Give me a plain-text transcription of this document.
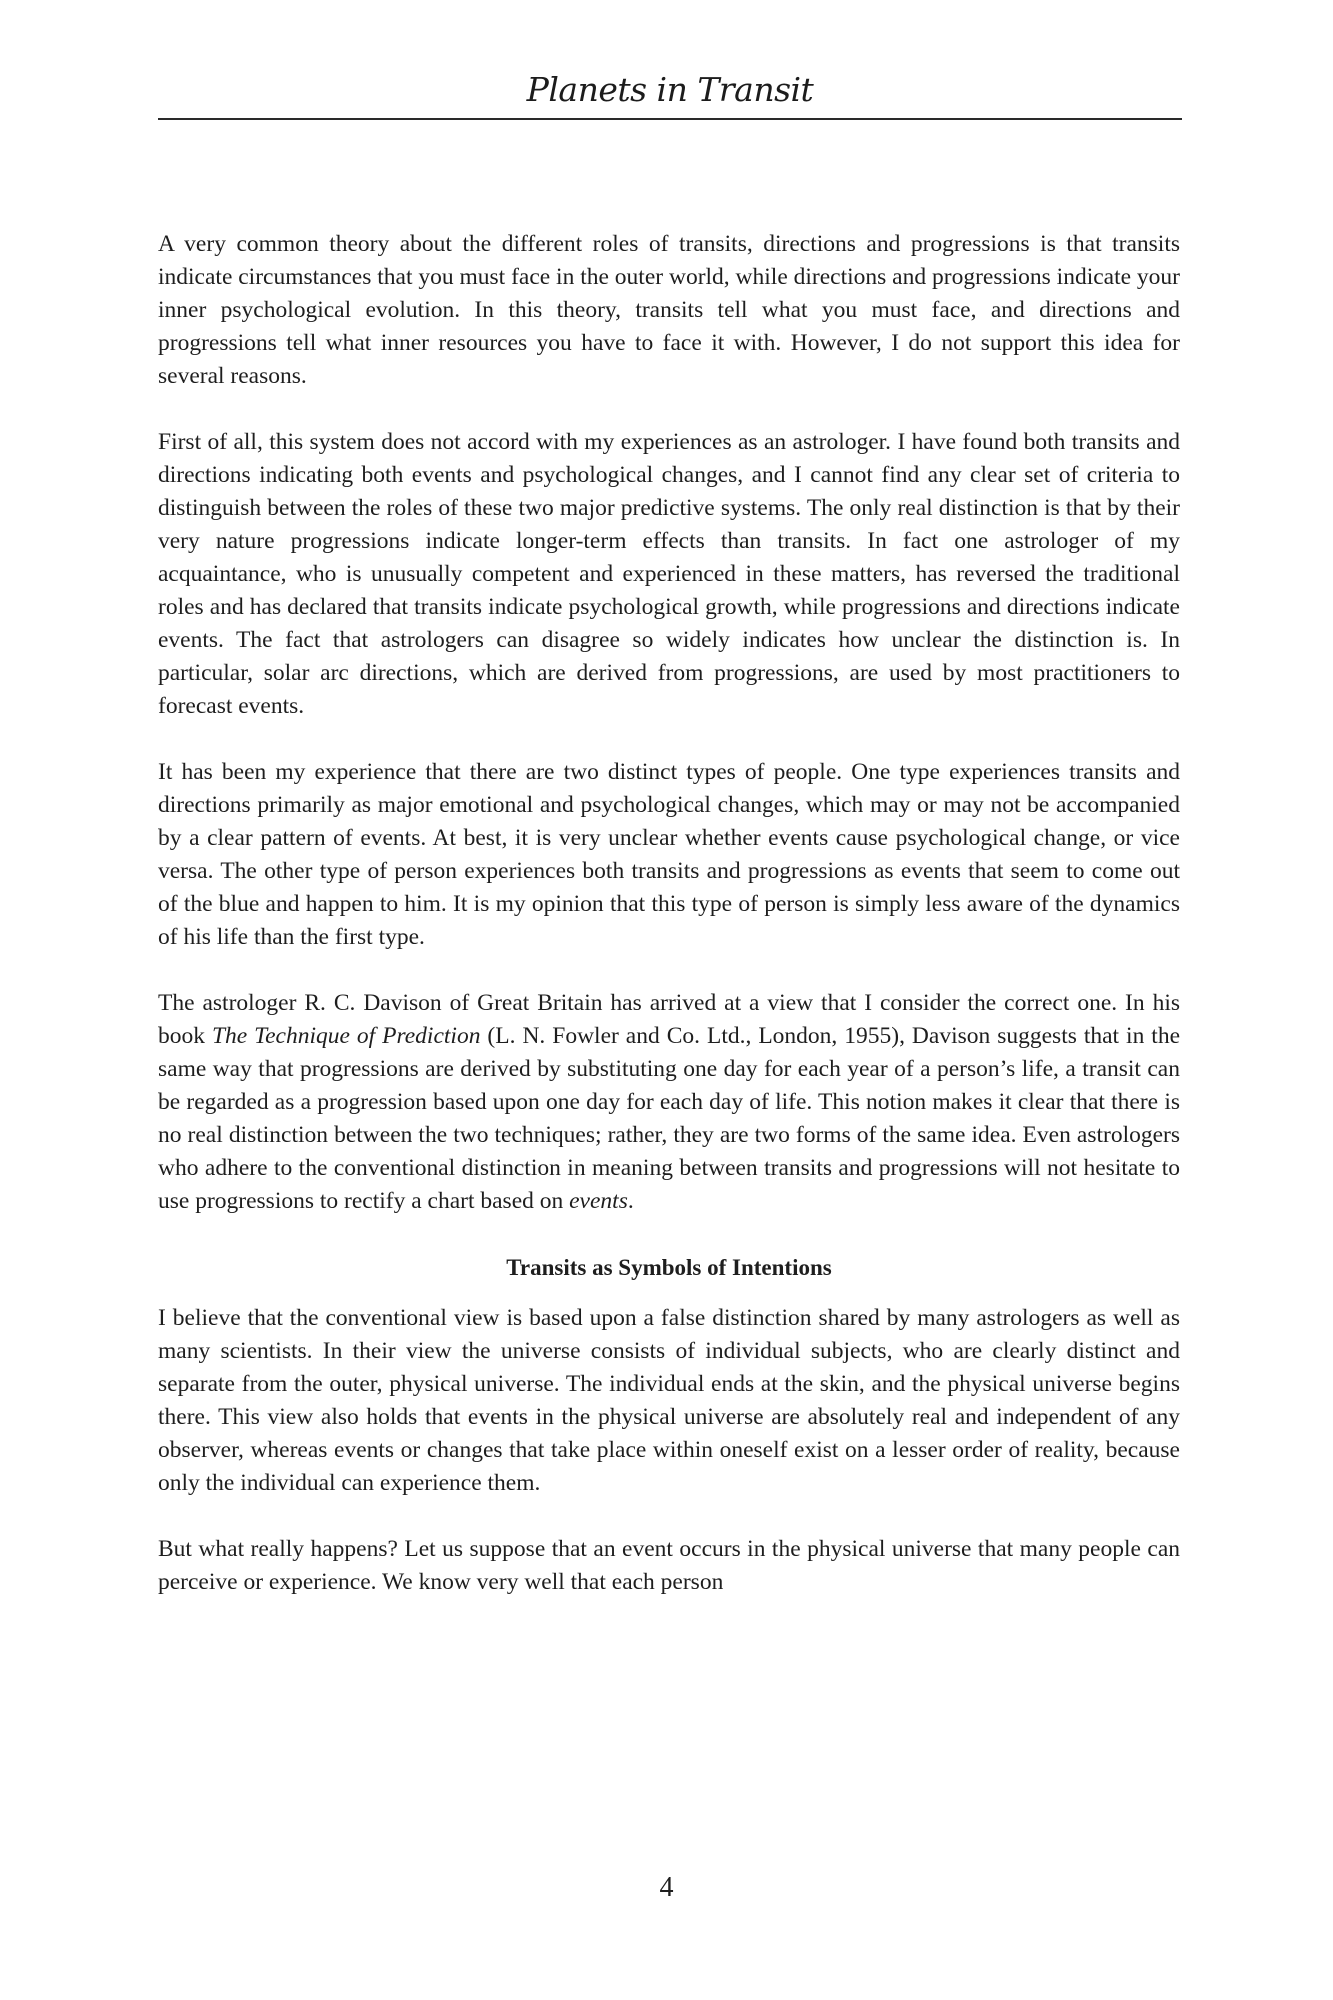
Planets in Transit

A very common theory about the different roles of transits, directions and progressions is that transits indicate circumstances that you must face in the outer world, while directions and progressions indicate your inner psychological evolution. In this theory, transits tell what you must face, and directions and progressions tell what inner resources you have to face it with. However, I do not support this idea for several reasons.

First of all, this system does not accord with my experiences as an astrologer. I have found both transits and directions indicating both events and psychological changes, and I cannot find any clear set of criteria to distinguish between the roles of these two major predictive systems. The only real distinction is that by their very nature progressions indicate longer-term effects than transits. In fact one astrologer of my acquaintance, who is unusually competent and experienced in these matters, has reversed the traditional roles and has declared that transits indicate psychological growth, while progressions and directions indicate events. The fact that astrologers can disagree so widely indicates how unclear the distinction is. In particular, solar arc directions, which are derived from progressions, are used by most practitioners to forecast events.

It has been my experience that there are two distinct types of people. One type experiences transits and directions primarily as major emotional and psychological changes, which may or may not be accompanied by a clear pattern of events. At best, it is very unclear whether events cause psychological change, or vice versa. The other type of person experiences both transits and progressions as events that seem to come out of the blue and happen to him. It is my opinion that this type of person is simply less aware of the dynamics of his life than the first type.

The astrologer R. C. Davison of Great Britain has arrived at a view that I consider the correct one. In his book The Technique of Prediction (L. N. Fowler and Co. Ltd., London, 1955), Davison suggests that in the same way that progressions are derived by substituting one day for each year of a person’s life, a transit can be regarded as a progression based upon one day for each day of life. This notion makes it clear that there is no real distinction between the two techniques; rather, they are two forms of the same idea. Even astrologers who adhere to the conventional distinction in meaning between transits and progressions will not hesitate to use progressions to rectify a chart based on events.

Transits as Symbols of Intentions

I believe that the conventional view is based upon a false distinction shared by many astrologers as well as many scientists. In their view the universe consists of individual subjects, who are clearly distinct and separate from the outer, physical universe. The individual ends at the skin, and the physical universe begins there. This view also holds that events in the physical universe are absolutely real and independent of any observer, whereas events or changes that take place within oneself exist on a lesser order of reality, because only the individual can experience them.

But what really happens? Let us suppose that an event occurs in the physical universe that many people can perceive or experience. We know very well that each person

4
